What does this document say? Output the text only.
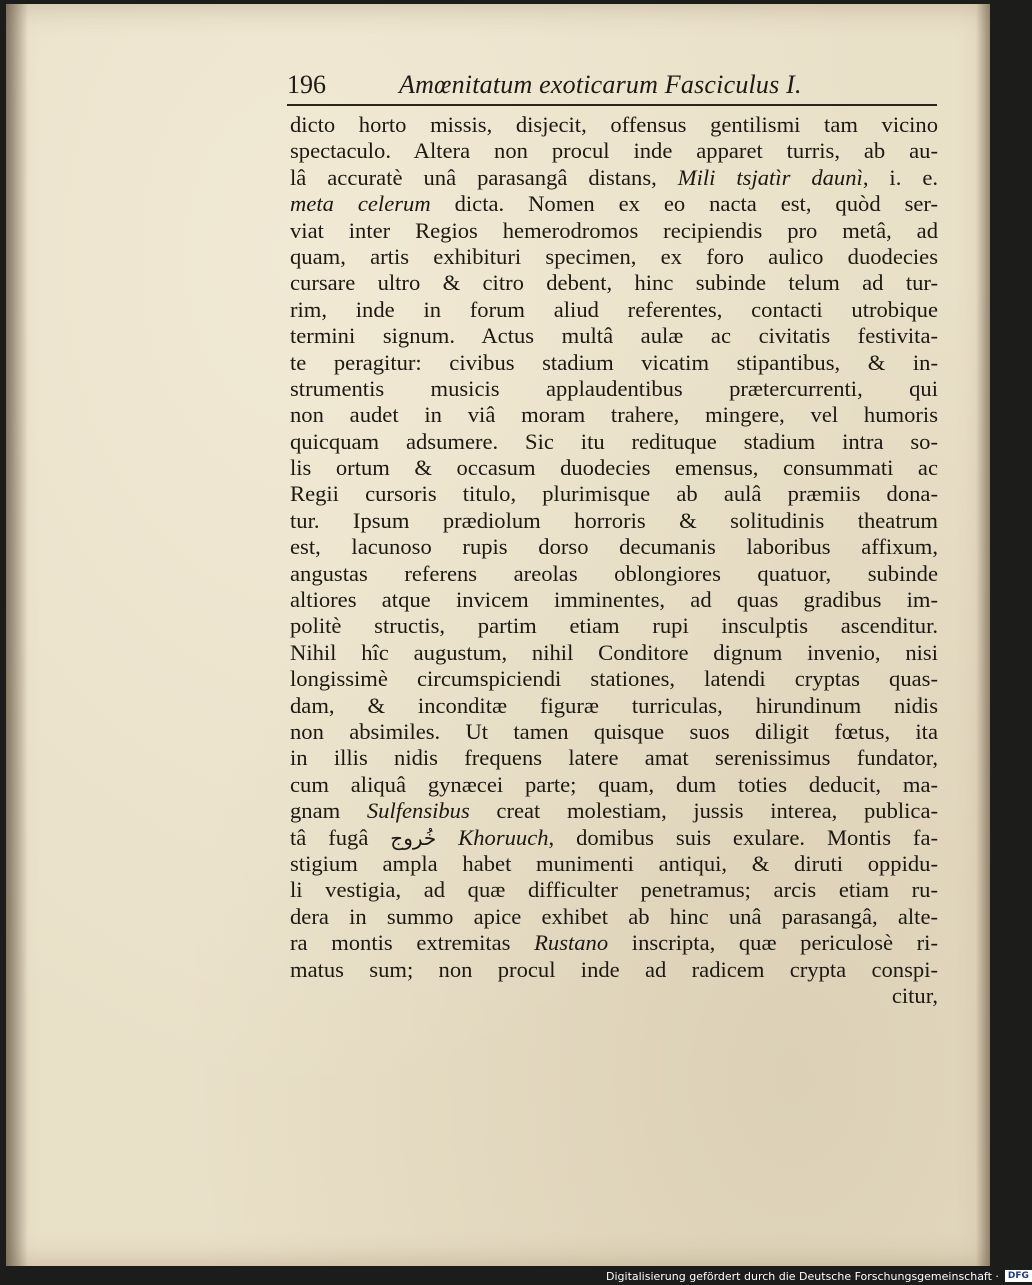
196	Amœnitatum exoticarum Fasciculus I.
dicto horto missis, disjecit, offensus gentilismi tam vicino
spectaculo. Altera non procul inde apparet turris, ab au-
lâ accuratè unâ parasangâ distans, Mili tsjatìr daunì, i. e.
meta celerum dicta. Nomen ex eo nacta est, quòd ser-
viat inter Regios hemerodromos recipiendis pro metâ, ad
quam, artis exhibituri specimen, ex foro aulico duodecies
cursare ultro & citro debent, hinc subinde telum ad tur-
rim, inde in forum aliud referentes, contacti utrobique
termini signum. Actus multâ aulæ ac civitatis festivita-
te peragitur: civibus stadium vicatim stipantibus, & in-
strumentis musicis applaudentibus prætercurrenti, qui
non audet in viâ moram trahere, mingere, vel humoris
quicquam adsumere. Sic itu redituque stadium intra so-
lis ortum & occasum duodecies emensus, consummati ac
Regii cursoris titulo, plurimisque ab aulâ præmiis dona-
tur. Ipsum prædiolum horroris & solitudinis theatrum
est, lacunoso rupis dorso decumanis laboribus affixum,
angustas referens areolas oblongiores quatuor, subinde
altiores atque invicem imminentes, ad quas gradibus im-
politè structis, partim etiam rupi insculptis ascenditur.
Nihil hîc augustum, nihil Conditore dignum invenio, nisi
longissimè circumspiciendi stationes, latendi cryptas quas-
dam, & inconditæ figuræ turriculas, hirundinum nidis
non absimiles. Ut tamen quisque suos diligit fœtus, ita
in illis nidis frequens latere amat serenissimus fundator,
cum aliquâ gynæcei parte; quam, dum toties deducit, ma-
gnam Sulfensibus creat molestiam, jussis interea, publica-
tâ fugâ خُروج Khoruuch, domibus suis exulare. Montis fa-
stigium ampla habet munimenti antiqui, & diruti oppidu-
li vestigia, ad quæ difficulter penetramus; arcis etiam ru-
dera in summo apice exhibet ab hinc unâ parasangâ, alte-
ra montis extremitas Rustano inscripta, quæ periculosè ri-
matus sum; non procul inde ad radicem crypta conspi-
citur,
Digitalisierung gefördert durch die Deutsche Forschungsgemeinschaft ·	DFG
